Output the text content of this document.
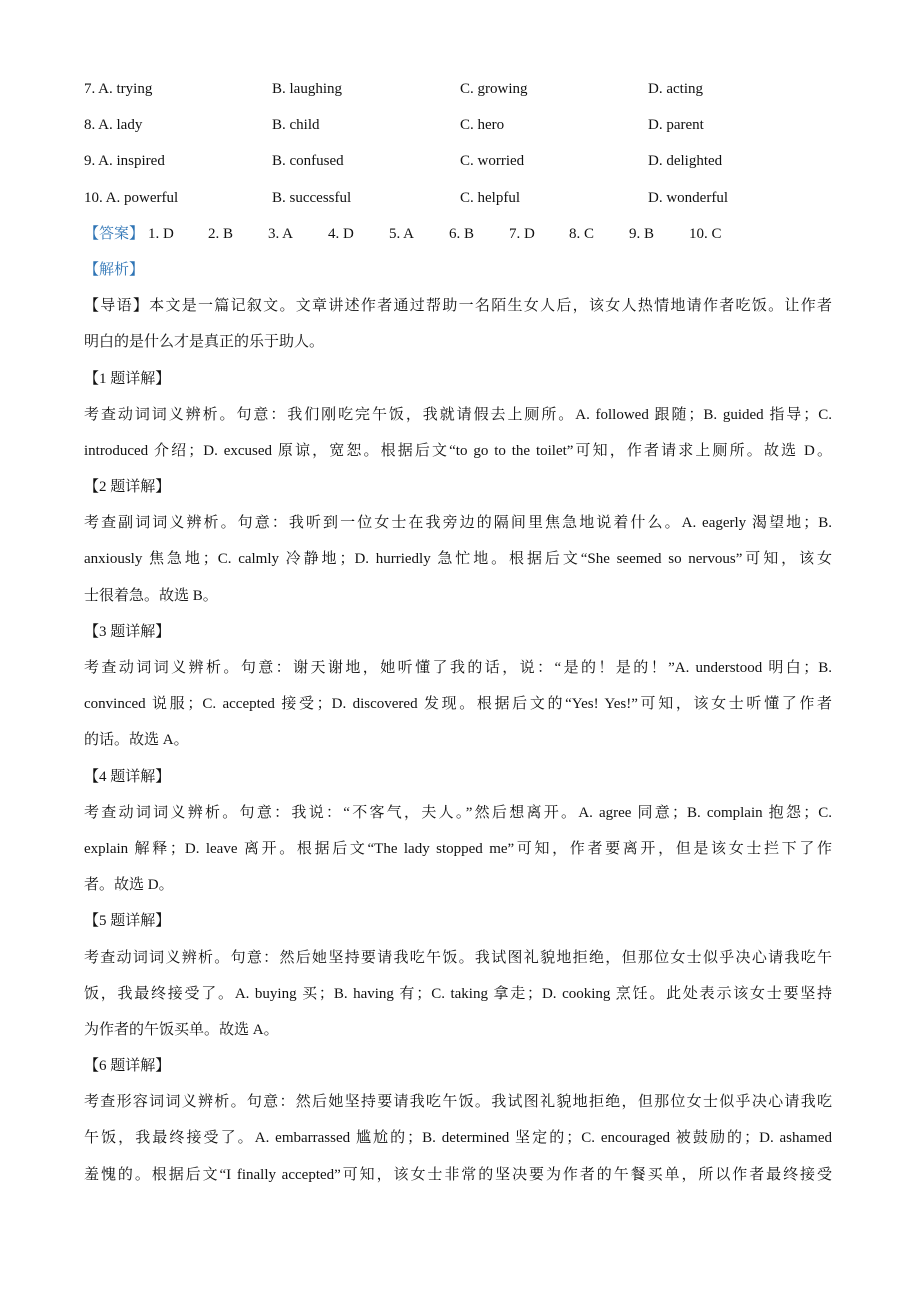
7. A. trying	B. laughing	C. growing	D. acting
8. A. lady	B. child	C. hero	D. parent
9. A. inspired	B. confused	C. worried	D. delighted
10. A. powerful	B. successful	C. helpful	D. wonderful
【答案】 1. D 2. B 3. A 4. D 5. A 6. B 7. D 8. C 9. B 10. C
【解析】
【导语】本文是一篇记叙文。文章讲述作者通过帮助一名陌生女人后，该女人热情地请作者吃饭。让作者
明白的是什么才是真正的乐于助人。
【1 题详解】
考查动词词义辨析。句意：我们刚吃完午饭，我就请假去上厕所。A. followed 跟随；B. guided 指导；C.
introduced 介绍；D. excused 原谅，宽恕。根据后文“to go to the toilet”可知，作者请求上厕所。故选 D。
【2 题详解】
考查副词词义辨析。句意：我听到一位女士在我旁边的隔间里焦急地说着什么。A. eagerly 渴望地；B.
anxiously 焦急地；C. calmly 冷静地；D. hurriedly 急忙地。根据后文“She seemed so nervous”可知，该女
士很着急。故选 B。
【3 题详解】
考查动词词义辨析。句意：谢天谢地，她听懂了我的话，说：“是的！是的！”A. understood 明白；B.
convinced 说服；C. accepted 接受；D. discovered 发现。根据后文的“Yes! Yes!”可知，该女士听懂了作者
的话。故选 A。
【4 题详解】
考查动词词义辨析。句意：我说：“不客气，夫人。”然后想离开。A. agree 同意；B. complain 抱怨；C.
explain 解释；D. leave 离开。根据后文“The lady stopped me”可知，作者要离开，但是该女士拦下了作
者。故选 D。
【5 题详解】
考查动词词义辨析。句意：然后她坚持要请我吃午饭。我试图礼貌地拒绝，但那位女士似乎决心请我吃午
饭，我最终接受了。A. buying 买；B. having 有；C. taking 拿走；D. cooking 烹饪。此处表示该女士要坚持
为作者的午饭买单。故选 A。
【6 题详解】
考查形容词词义辨析。句意：然后她坚持要请我吃午饭。我试图礼貌地拒绝，但那位女士似乎决心请我吃
午饭，我最终接受了。A. embarrassed 尴尬的；B. determined 坚定的；C. encouraged 被鼓励的；D. ashamed
羞愧的。根据后文“I finally accepted”可知，该女士非常的坚决要为作者的午餐买单，所以作者最终接受
